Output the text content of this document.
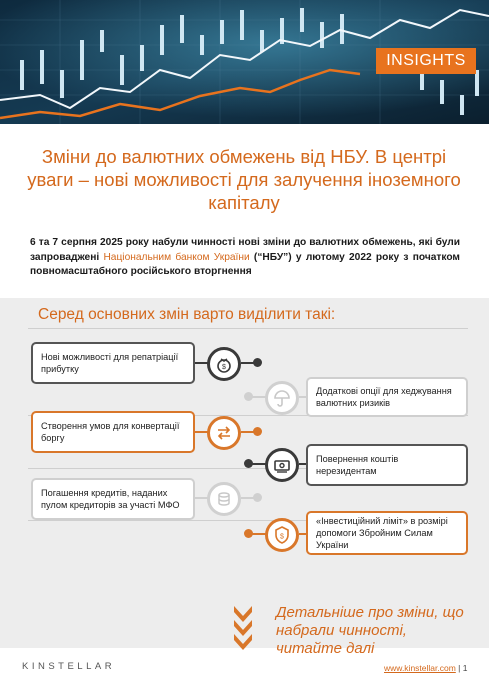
INSIGHTS
Зміни до валютних обмежень від НБУ. В центрі уваги – нові можливості для залучення іноземного капіталу

6 та 7 серпня 2025 року набули чинності нові зміни до валютних обмежень, які були запроваджені Національним банком України (“НБУ”) у лютому 2022 року з початком повномасштабного російського вторгнення

Серед основних змін варто виділити такі:
Нові можливості для репатріації прибутку	$
Додаткові опції для хеджування валютних ризиків
Створення умов для конвертації боргу
Повернення коштів нерезидентам
Погашення кредитів, наданих пулом кредиторів за участі МФО
$
«Інвестиційний ліміт» в розмірі допомоги Збройним Силам України
Детальніше про зміни, що набрали чинності, читайте далі
KINSTELLAR	www.kinstellar.com | 1
